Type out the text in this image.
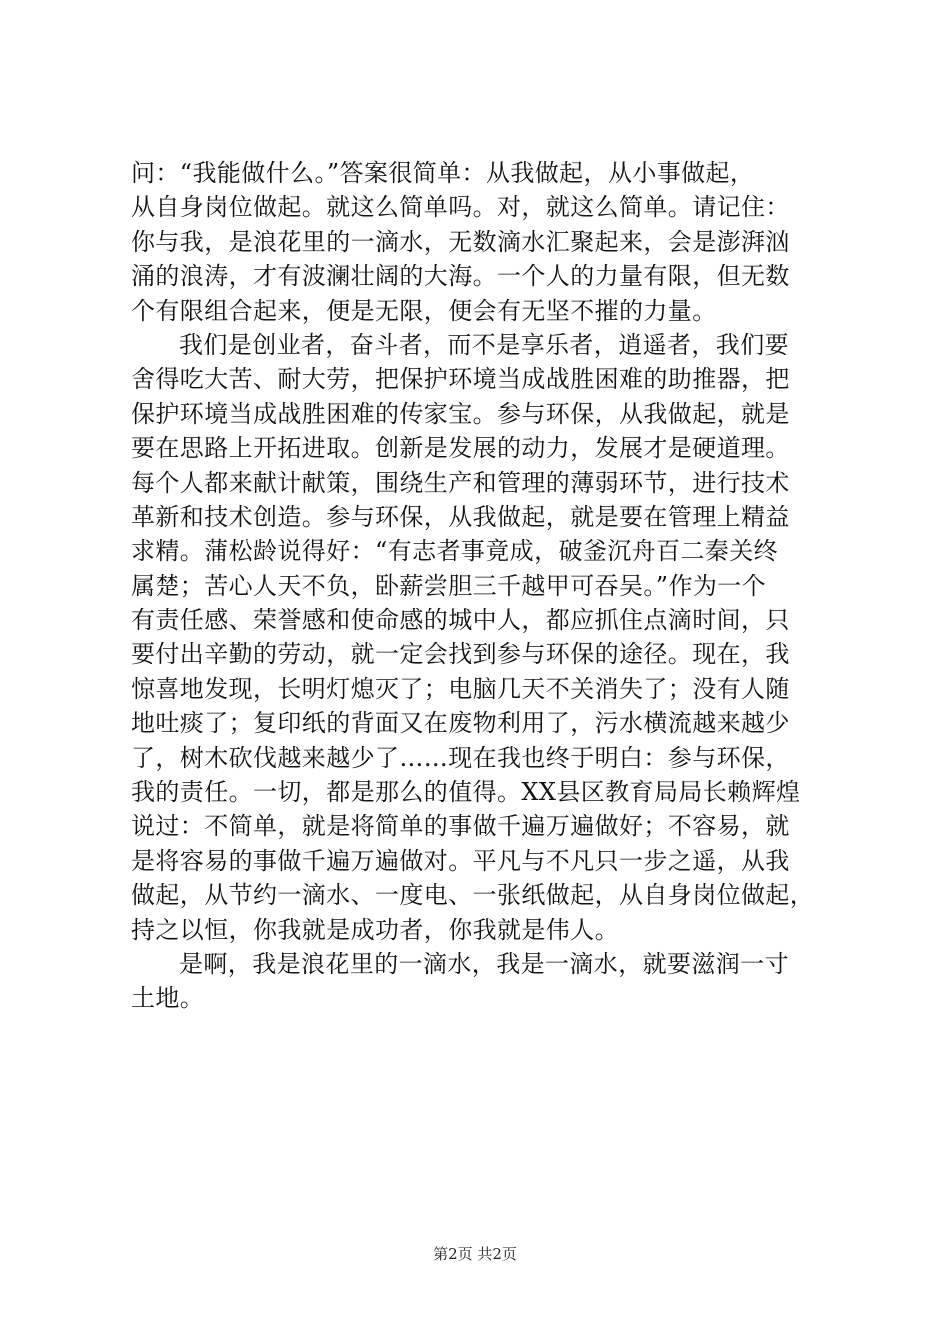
问：“我能做什么。”答案很简单：从我做起，从小事做起，
从自身岗位做起。就这么简单吗。对，就这么简单。请记住：
你与我，是浪花里的一滴水，无数滴水汇聚起来，会是澎湃汹
涌的浪涛，才有波澜壮阔的大海。一个人的力量有限，但无数
个有限组合起来，便是无限，便会有无坚不摧的力量。
我们是创业者，奋斗者，而不是享乐者，逍遥者，我们要
舍得吃大苦、耐大劳，把保护环境当成战胜困难的助推器，把
保护环境当成战胜困难的传家宝。参与环保，从我做起，就是
要在思路上开拓进取。创新是发展的动力，发展才是硬道理。
每个人都来献计献策，围绕生产和管理的薄弱环节，进行技术
革新和技术创造。参与环保，从我做起，就是要在管理上精益
求精。蒲松龄说得好：“有志者事竟成，破釜沉舟百二秦关终
属楚；苦心人天不负，卧薪尝胆三千越甲可吞吴。”作为一个
有责任感、荣誉感和使命感的城中人，都应抓住点滴时间，只
要付出辛勤的劳动，就一定会找到参与环保的途径。现在，我
惊喜地发现，长明灯熄灭了；电脑几天不关消失了；没有人随
地吐痰了；复印纸的背面又在废物利用了，污水横流越来越少
了，树木砍伐越来越少了……现在我也终于明白：参与环保，
我的责任。一切，都是那么的值得。XX县区教育局局长赖辉煌
说过：不简单，就是将简单的事做千遍万遍做好；不容易，就
是将容易的事做千遍万遍做对。平凡与不凡只一步之遥，从我
做起，从节约一滴水、一度电、一张纸做起，从自身岗位做起，
持之以恒，你我就是成功者，你我就是伟人。
是啊，我是浪花里的一滴水，我是一滴水，就要滋润一寸
土地。
第2页 共2页
